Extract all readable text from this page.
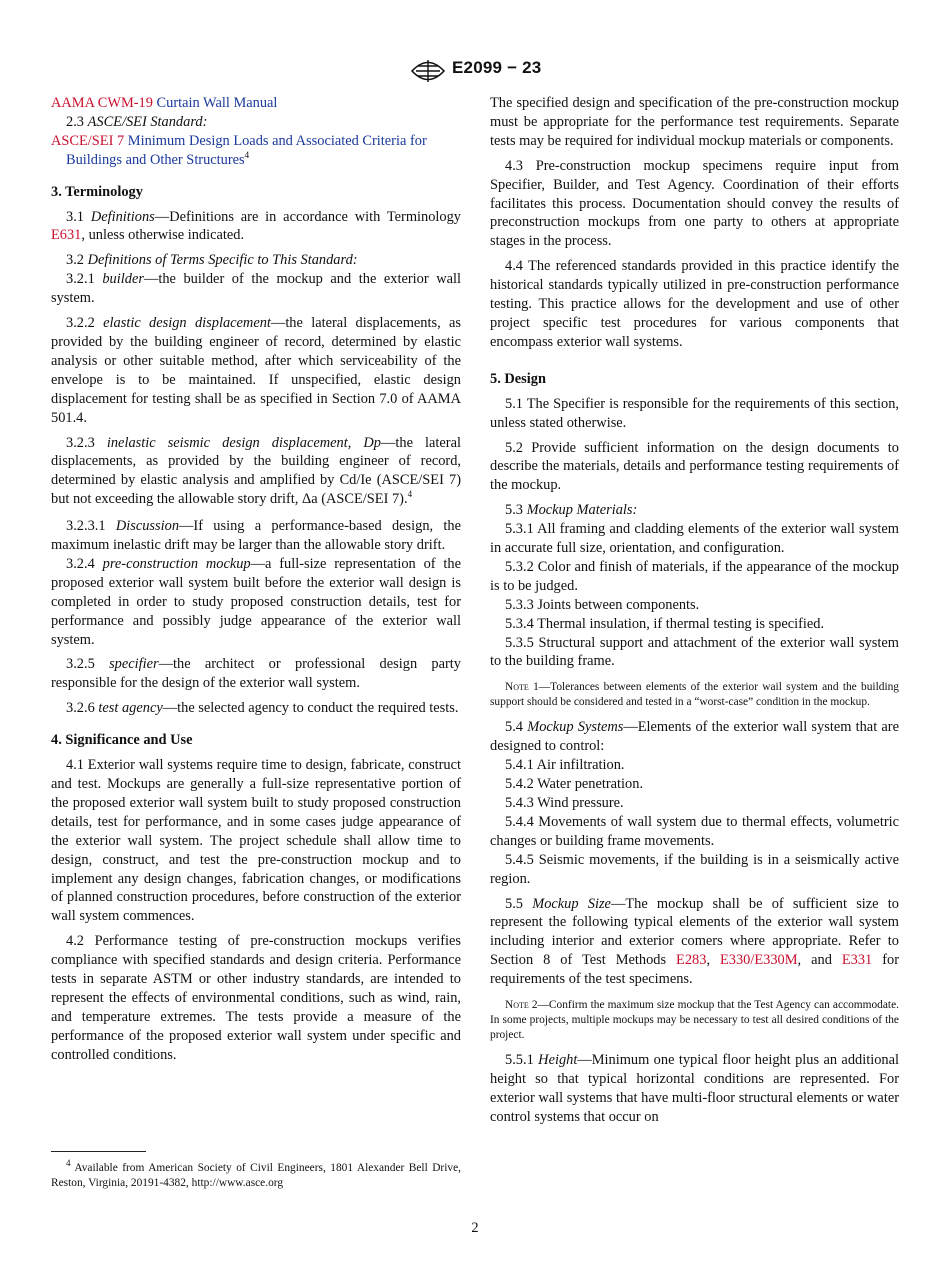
E2099 − 23

AAMA CWM-19 Curtain Wall Manual

2.3 ASCE/SEI Standard:

ASCE/SEI 7 Minimum Design Loads and Associated Criteria for Buildings and Other Structures$^4$

3. Terminology

3.1 Definitions—Definitions are in accordance with Terminology E631, unless otherwise indicated.

3.2 Definitions of Terms Specific to This Standard:

3.2.1 builder—the builder of the mockup and the exterior wall system.

3.2.2 elastic design displacement—the lateral displacements, as provided by the building engineer of record, determined by elastic analysis or other suitable method, after which serviceability of the envelope is to be maintained. If unspecified, elastic design displacement for testing shall be as specified in Section 7.0 of AAMA 501.4.

3.2.3 inelastic seismic design displacement, Dp—the lateral displacements, as provided by the building engineer of record, determined by elastic analysis and amplified by Cd/Ie (ASCE/SEI 7) but not exceeding the allowable story drift, Δa (ASCE/SEI 7).$^4$

3.2.3.1 Discussion—If using a performance-based design, the maximum inelastic drift may be larger than the allowable story drift.

3.2.4 pre-construction mockup—a full-size representation of the proposed exterior wall system built before the exterior wall design is completed in order to study proposed construction details, test for performance and possibly judge appearance of the exterior wall system.

3.2.5 specifier—the architect or professional design party responsible for the design of the exterior wall system.

3.2.6 test agency—the selected agency to conduct the required tests.

4. Significance and Use

4.1 Exterior wall systems require time to design, fabricate, construct and test. Mockups are generally a full-size representative portion of the proposed exterior wall system built to study proposed construction details, test for performance, and in some cases judge appearance of the exterior wall system. The project schedule shall allow time to design, construct, and test the pre-construction mockup and to implement any design changes, fabrication changes, or modifications of planned construction procedures, before construction of the exterior wall system commences.

4.2 Performance testing of pre-construction mockups verifies compliance with specified standards and design criteria. Performance tests in separate ASTM or other industry standards, are intended to represent the effects of environmental conditions, such as wind, rain, and temperature extremes. The tests provide a measure of the performance of the proposed exterior wall system under specific and controlled conditions.

$^4$ Available from American Society of Civil Engineers, 1801 Alexander Bell Drive, Reston, Virginia, 20191-4382, http://www.asce.org

The specified design and specification of the pre-construction mockup must be appropriate for the performance test requirements. Separate tests may be required for individual mockup materials or components.

4.3 Pre-construction mockup specimens require input from Specifier, Builder, and Test Agency. Coordination of their efforts facilitates this process. Documentation should convey the results of preconstruction mockups from one party to others at appropriate stages in the process.

4.4 The referenced standards provided in this practice identify the historical standards typically utilized in pre-construction performance testing. This practice allows for the development and use of other project specific test procedures for various components that encompass exterior wall systems.

5. Design

5.1 The Specifier is responsible for the requirements of this section, unless stated otherwise.

5.2 Provide sufficient information on the design documents to describe the materials, details and performance testing requirements of the mockup.

5.3 Mockup Materials:

5.3.1 All framing and cladding elements of the exterior wall system in accurate full size, orientation, and configuration.

5.3.2 Color and finish of materials, if the appearance of the mockup is to be judged.

5.3.3 Joints between components.

5.3.4 Thermal insulation, if thermal testing is specified.

5.3.5 Structural support and attachment of the exterior wall system to the building frame.

Note 1—Tolerances between elements of the exterior wail system and the building support should be considered and tested in a “worst-case” condition in the mockup.

5.4 Mockup Systems—Elements of the exterior wall system that are designed to control:

5.4.1 Air infiltration.

5.4.2 Water penetration.

5.4.3 Wind pressure.

5.4.4 Movements of wall system due to thermal effects, volumetric changes or building frame movements.

5.4.5 Seismic movements, if the building is in a seismically active region.

5.5 Mockup Size—The mockup shall be of sufficient size to represent the following typical elements of the exterior wall system including interior and exterior comers where appropriate. Refer to Section 8 of Test Methods E283, E330/E330M, and E331 for requirements of the test specimens.

Note 2—Confirm the maximum size mockup that the Test Agency can accommodate. In some projects, multiple mockups may be necessary to test all desired conditions of the project.

5.5.1 Height—Minimum one typical floor height plus an additional height so that typical horizontal conditions are represented. For exterior wall systems that have multi-floor structural elements or water control systems that occur on

2
